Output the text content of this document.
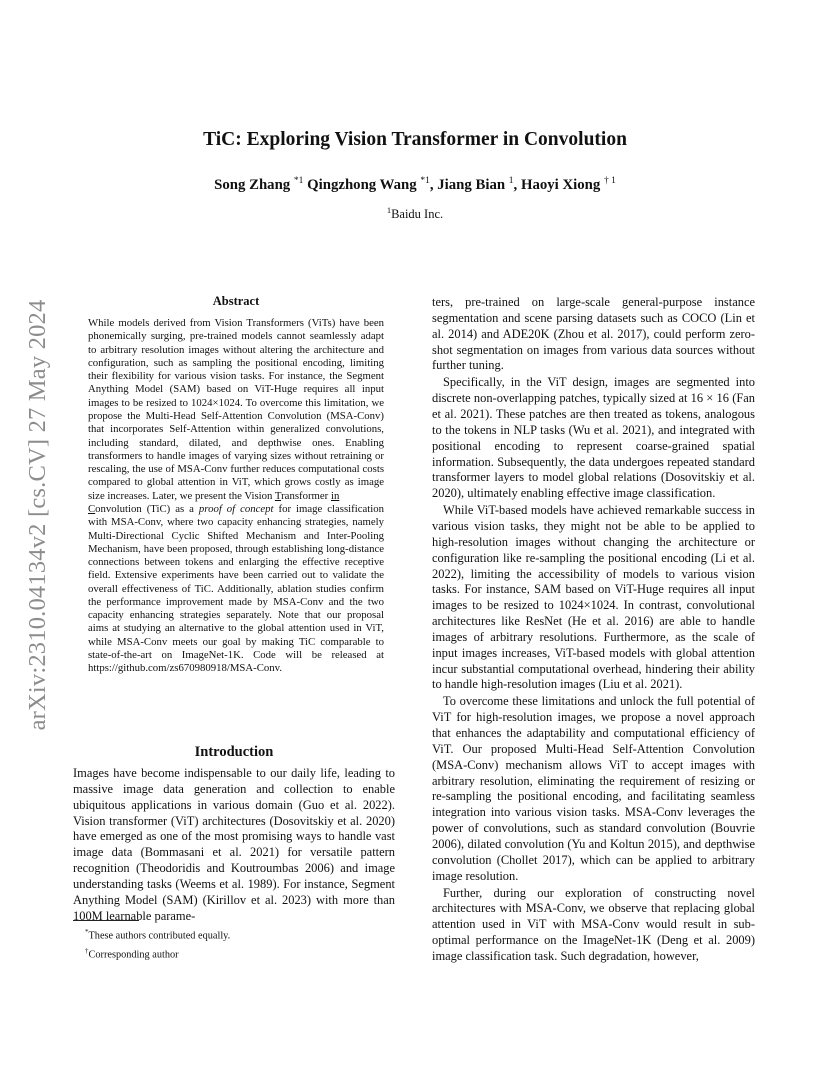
arXiv:2310.04134v2 [cs.CV] 27 May 2024
TiC: Exploring Vision Transformer in Convolution
Song Zhang $^{*1}$ Qingzhong Wang $^{*1}$, Jiang Bian $^1$, Haoyi Xiong $^{\dagger 1}$
$^1$Baidu Inc.
Abstract

While models derived from Vision Transformers (ViTs) have been phonemically surging, pre-trained models cannot seamlessly adapt to arbitrary resolution images without altering the architecture and configuration, such as sampling the positional encoding, limiting their flexibility for various vision tasks. For instance, the Segment Anything Model (SAM) based on ViT-Huge requires all input images to be resized to 1024×1024. To overcome this limitation, we propose the Multi-Head Self-Attention Convolution (MSA-Conv) that incorporates Self-Attention within generalized convolutions, including standard, dilated, and depthwise ones. Enabling transformers to handle images of varying sizes without retraining or rescaling, the use of MSA-Conv further reduces computational costs compared to global attention in ViT, which grows costly as image size increases. Later, we present the Vision Transformer in
Convolution (TiC) as a proof of concept for image classification with MSA-Conv, where two capacity enhancing strategies, namely Multi-Directional Cyclic Shifted Mechanism and Inter-Pooling Mechanism, have been proposed, through establishing long-distance connections between tokens and enlarging the effective receptive field. Extensive experiments have been carried out to validate the overall effectiveness of TiC. Additionally, ablation studies confirm the performance improvement made by MSA-Conv and the two capacity enhancing strategies separately. Note that our proposal aims at studying an alternative to the global attention used in ViT, while MSA-Conv meets our goal by making TiC comparable to state-of-the-art on ImageNet-1K. Code will be released at https://github.com/zs670980918/MSA-Conv.

Introduction

Images have become indispensable to our daily life, leading to massive image data generation and collection to enable ubiquitous applications in various domain (Guo et al. 2022). Vision transformer (ViT) architectures (Dosovitskiy et al. 2020) have emerged as one of the most promising ways to handle vast image data (Bommasani et al. 2021) for versatile pattern recognition (Theodoridis and Koutroumbas 2006) and image understanding tasks (Weems et al. 1989). For instance, Segment Anything Model (SAM) (Kirillov et al. 2023) with more than 100M learnable parame-

*These authors contributed equally.
†Corresponding author

ters, pre-trained on large-scale general-purpose instance segmentation and scene parsing datasets such as COCO (Lin et al. 2014) and ADE20K (Zhou et al. 2017), could perform zero-shot segmentation on images from various data sources without further tuning.

Specifically, in the ViT design, images are segmented into discrete non-overlapping patches, typically sized at 16 × 16 (Fan et al. 2021). These patches are then treated as tokens, analogous to the tokens in NLP tasks (Wu et al. 2021), and integrated with positional encoding to represent coarse-grained spatial information. Subsequently, the data undergoes repeated standard transformer layers to model global relations (Dosovitskiy et al. 2020), ultimately enabling effective image classification.

While ViT-based models have achieved remarkable success in various vision tasks, they might not be able to be applied to high-resolution images without changing the architecture or configuration like re-sampling the positional encoding (Li et al. 2022), limiting the accessibility of models to various vision tasks. For instance, SAM based on ViT-Huge requires all input images to be resized to 1024×1024. In contrast, convolutional architectures like ResNet (He et al. 2016) are able to handle images of arbitrary resolutions. Furthermore, as the scale of input images increases, ViT-based models with global attention incur substantial computational overhead, hindering their ability to handle high-resolution images (Liu et al. 2021).

To overcome these limitations and unlock the full potential of ViT for high-resolution images, we propose a novel approach that enhances the adaptability and computational efficiency of ViT. Our proposed Multi-Head Self-Attention Convolution (MSA-Conv) mechanism allows ViT to accept images with arbitrary resolution, eliminating the requirement of resizing or re-sampling the positional encoding, and facilitating seamless integration into various vision tasks. MSA-Conv leverages the power of convolutions, such as standard convolution (Bouvrie 2006), dilated convolution (Yu and Koltun 2015), and depthwise convolution (Chollet 2017), which can be applied to arbitrary image resolution.

Further, during our exploration of constructing novel architectures with MSA-Conv, we observe that replacing global attention used in ViT with MSA-Conv would result in sub-optimal performance on the ImageNet-1K (Deng et al. 2009) image classification task. Such degradation, however,
